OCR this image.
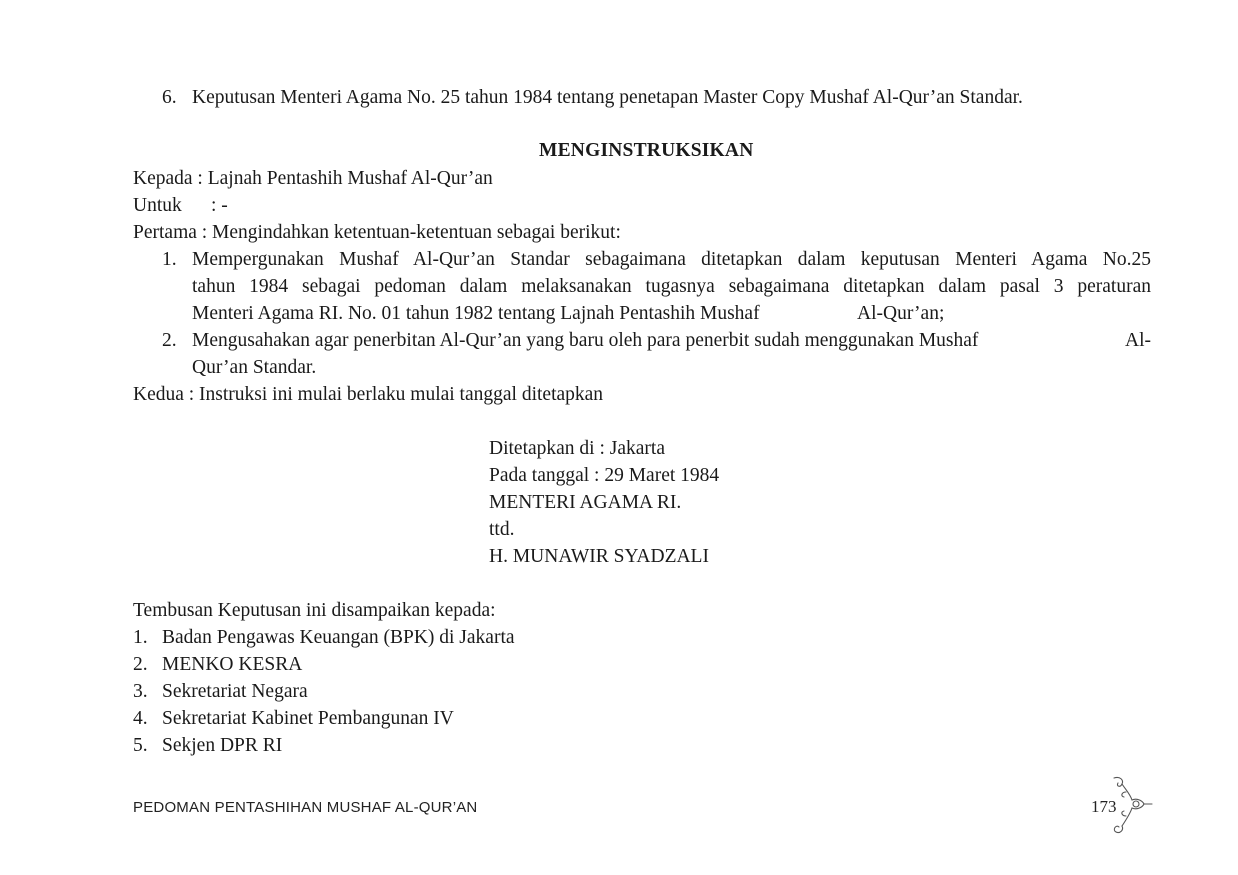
6. Keputusan Menteri Agama No. 25 tahun 1984 tentang penetapan Master Copy Mushaf Al-Qur’an Standar.
MENGINSTRUKSIKAN
Kepada : Lajnah Pentashih Mushaf Al-Qur’an
Untuk : -
Pertama : Mengindahkan ketentuan-ketentuan sebagai berikut:
1. Mempergunakan Mushaf Al-Qur’an Standar sebagaimana ditetapkan dalam keputusan Menteri Agama No.25
tahun 1984 sebagai pedoman dalam melaksanakan tugasnya sebagaimana ditetapkan dalam pasal 3 peraturan
Menteri Agama RI. No. 01 tahun 1982 tentang Lajnah Pentashih Mushaf	Al-Qur’an;
2. Mengusahakan agar penerbitan Al-Qur’an yang baru oleh para penerbit sudah menggunakan Mushaf	Al-
Qur’an Standar.
Kedua : Instruksi ini mulai berlaku mulai tanggal ditetapkan
Ditetapkan di : Jakarta
Pada tanggal : 29 Maret 1984
MENTERI AGAMA RI.
ttd.
H. MUNAWIR SYADZALI
Tembusan Keputusan ini disampaikan kepada:
1. Badan Pengawas Keuangan (BPK) di Jakarta
2. MENKO KESRA
3. Sekretariat Negara
4. Sekretariat Kabinet Pembangunan IV
5. Sekjen DPR RI
PEDOMAN PENTASHIHAN MUSHAF AL-QUR’AN	173
